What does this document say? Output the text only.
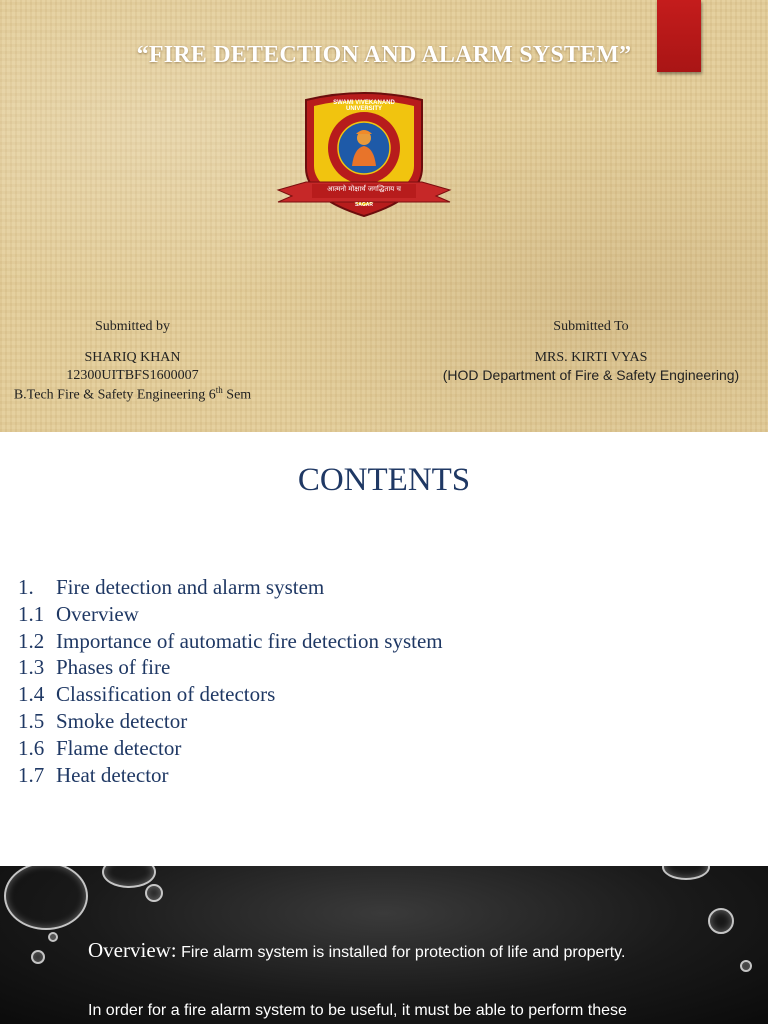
“FIRE DETECTION AND ALARM SYSTEM”
SWAMI VIVEKANAND UNIVERSITY
आत्मनो मोक्षार्थं जगद्धिताय च
SAGAR
Submitted by
SHARIQ KHAN
12300UITBFS1600007
B.Tech Fire & Safety Engineering 6th Sem
Submitted To
MRS. KIRTI VYAS
(HOD Department of Fire & Safety Engineering)
CONTENTS
1. Fire detection and alarm system
1.1 Overview
1.2 Importance of automatic fire detection system
1.3 Phases of fire
1.4 Classification of detectors
1.5 Smoke detector
1.6 Flame detector
1.7 Heat detector
Overview: Fire alarm system is installed for protection of life and property.
In order for a fire alarm system to be useful, it must be able to perform these
